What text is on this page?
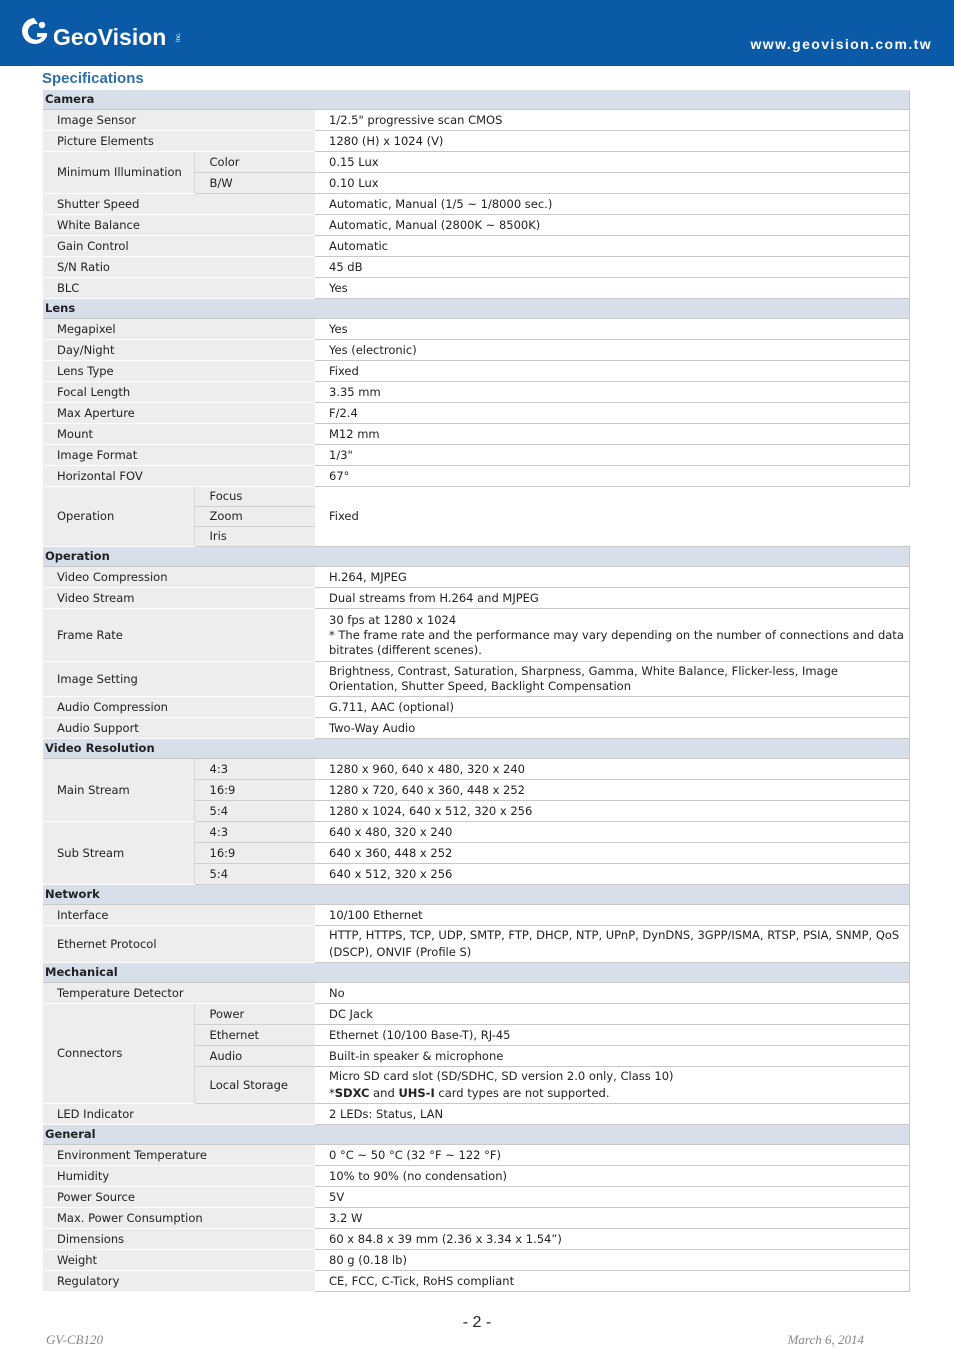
GeoVision Inc.	www.geovision.com.tw
Specifications
Camera		
Image Sensor		1/2.5" progressive scan CMOS
Picture Elements		1280 (H) x 1024 (V)
Minimum Illumination	Color	0.15 Lux
	B/W	0.10 Lux
Shutter Speed		Automatic, Manual (1/5 ~ 1/8000 sec.)
White Balance		Automatic, Manual (2800K ~ 8500K)
Gain Control		Automatic
S/N Ratio		45 dB
BLC		Yes
Lens		
Megapixel		Yes
Day/Night		Yes (electronic)
Lens Type		Fixed
Focal Length		3.35 mm
Max Aperture		F/2.4
Mount		M12 mm
Image Format		1/3"
Horizontal FOV		67°
Operation	Focus	Fixed
	Zoom	
	Iris	
Operation		
Video Compression		H.264, MJPEG
Video Stream		Dual streams from H.264 and MJPEG
Frame Rate		30 fps at 1280 x 1024
* The frame rate and the performance may vary depending on the number of connections and data bitrates (different scenes).

Image Setting		Brightness, Contrast, Saturation, Sharpness, Gamma, White Balance, Flicker-less, Image Orientation, Shutter Speed, Backlight Compensation
Audio Compression		G.711, AAC (optional)
Audio Support		Two-Way Audio
Video Resolution		
Main Stream	4:3	1280 x 960, 640 x 480, 320 x 240
	16:9	1280 x 720, 640 x 360, 448 x 252
	5:4	1280 x 1024, 640 x 512, 320 x 256
Sub Stream	4:3	640 x 480, 320 x 240
	16:9	640 x 360, 448 x 252
	5:4	640 x 512, 320 x 256
Network		
Interface		10/100 Ethernet
Ethernet Protocol		HTTP, HTTPS, TCP, UDP, SMTP, FTP, DHCP, NTP, UPnP, DynDNS, 3GPP/ISMA, RTSP, PSIA, SNMP, QoS (DSCP), ONVIF (Profile S)
Mechanical		
Temperature Detector		No
Connectors	Power	DC Jack
	Ethernet	Ethernet (10/100 Base-T), RJ-45
	Audio	Built-in speaker & microphone
	Local Storage	Micro SD card slot (SD/SDHC, SD version 2.0 only, Class 10)
*SDXC and UHS-I card types are not supported.

LED Indicator		2 LEDs: Status, LAN
General		
Environment Temperature		0 °C ~ 50 °C (32 °F ~ 122 °F)
Humidity		10% to 90% (no condensation)
Power Source		5V
Max. Power Consumption		3.2 W
Dimensions		60 x 84.8 x 39 mm (2.36 x 3.34 x 1.54”)
Weight		80 g (0.18 lb)
Regulatory		CE, FCC, C-Tick, RoHS compliant
- 2 -
GV-CB120	March 6, 2014
